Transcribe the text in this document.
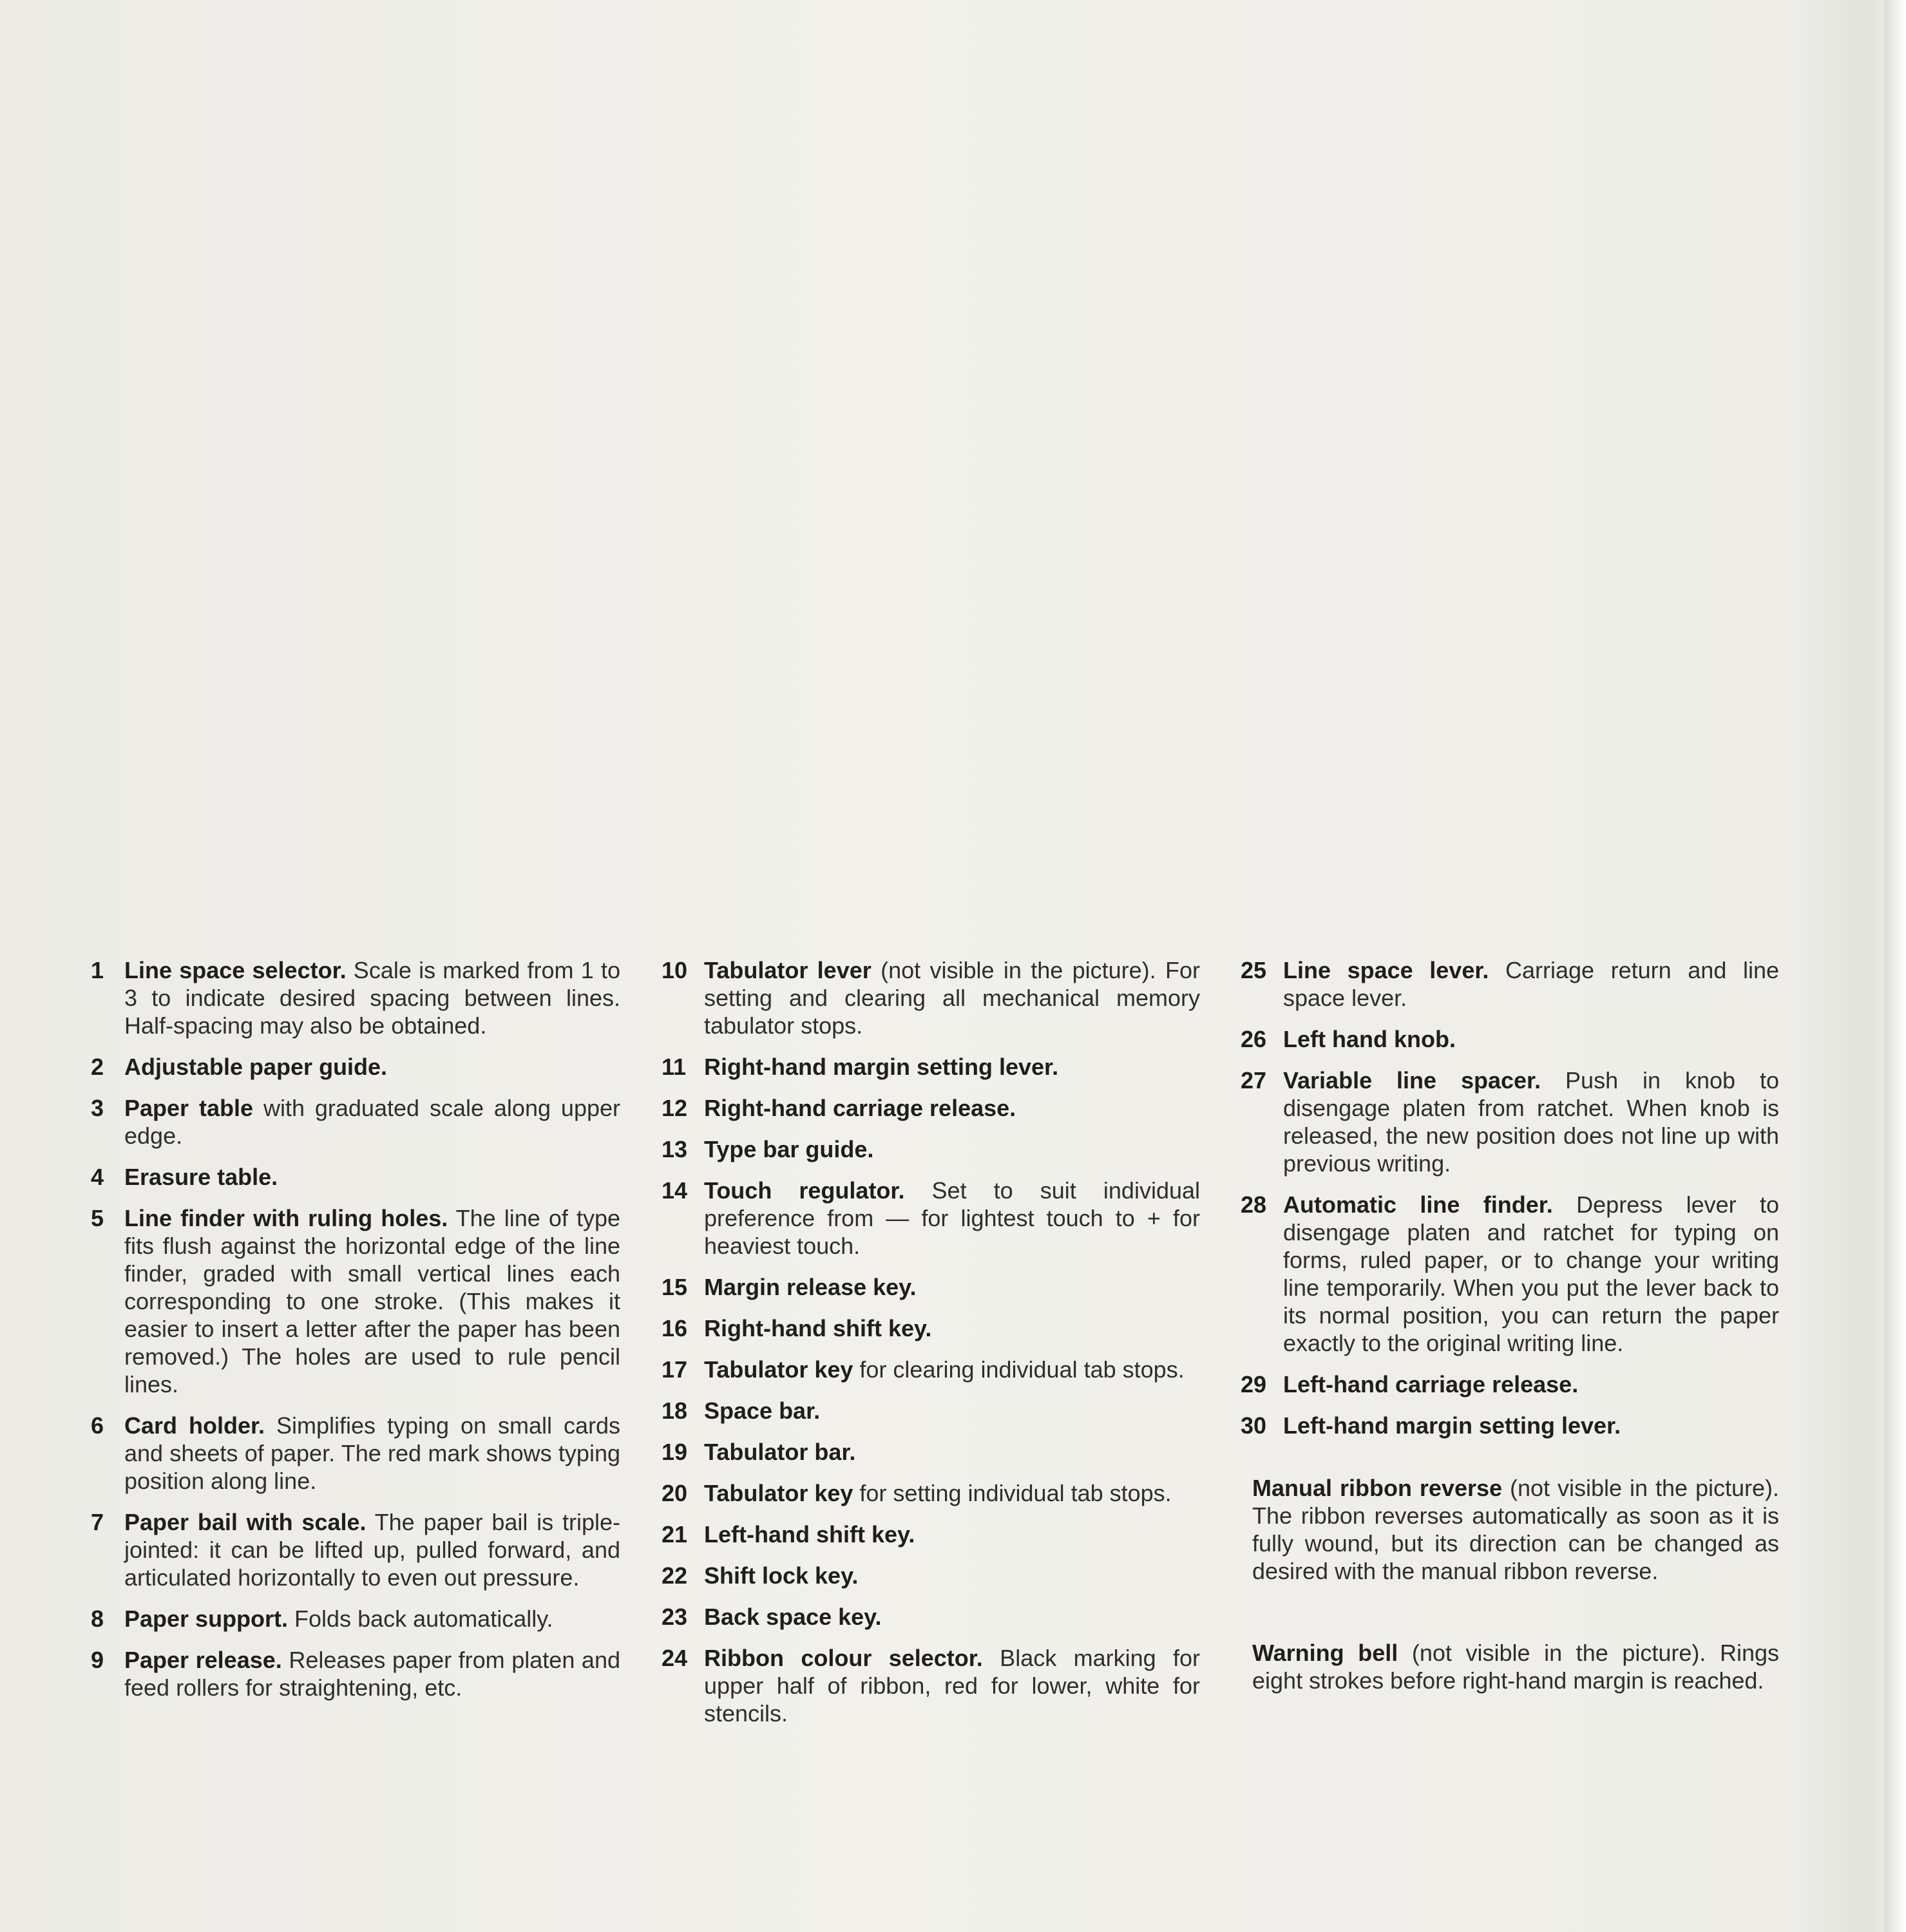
1 Line space selector. Scale is marked from 1 to 3 to indicate desired spacing between lines. Half-spacing may also be obtained.
2 Adjustable paper guide.
3 Paper table with graduated scale along upper edge.
4 Erasure table.
5 Line finder with ruling holes. The line of type fits flush against the horizontal edge of the line finder, graded with small vertical lines each corresponding to one stroke. (This makes it easier to insert a letter after the paper has been removed.) The holes are used to rule pencil lines.
6 Card holder. Simplifies typing on small cards and sheets of paper. The red mark shows typing position along line.
7 Paper bail with scale. The paper bail is triple-jointed: it can be lifted up, pulled forward, and articulated horizontally to even out pressure.
8 Paper support. Folds back automatically.
9 Paper release. Releases paper from platen and feed rollers for straightening, etc.
10 Tabulator lever (not visible in the picture). For setting and clearing all mechanical memory tabulator stops.
11 Right-hand margin setting lever.
12 Right-hand carriage release.
13 Type bar guide.
14 Touch regulator. Set to suit individual preference from — for lightest touch to + for heaviest touch.
15 Margin release key.
16 Right-hand shift key.
17 Tabulator key for clearing individual tab stops.
18 Space bar.
19 Tabulator bar.
20 Tabulator key for setting individual tab stops.
21 Left-hand shift key.
22 Shift lock key.
23 Back space key.
24 Ribbon colour selector. Black marking for upper half of ribbon, red for lower, white for stencils.
25 Line space lever. Carriage return and line space lever.
26 Left hand knob.
27 Variable line spacer. Push in knob to disengage platen from ratchet. When knob is released, the new position does not line up with previous writing.
28 Automatic line finder. Depress lever to disengage platen and ratchet for typing on forms, ruled paper, or to change your writing line temporarily. When you put the lever back to its normal position, you can return the paper exactly to the original writing line.
29 Left-hand carriage release.
30 Left-hand margin setting lever.
Manual ribbon reverse (not visible in the picture). The ribbon reverses automatically as soon as it is fully wound, but its direction can be changed as desired with the manual ribbon reverse.
Warning bell (not visible in the picture). Rings eight strokes before right-hand margin is reached.
